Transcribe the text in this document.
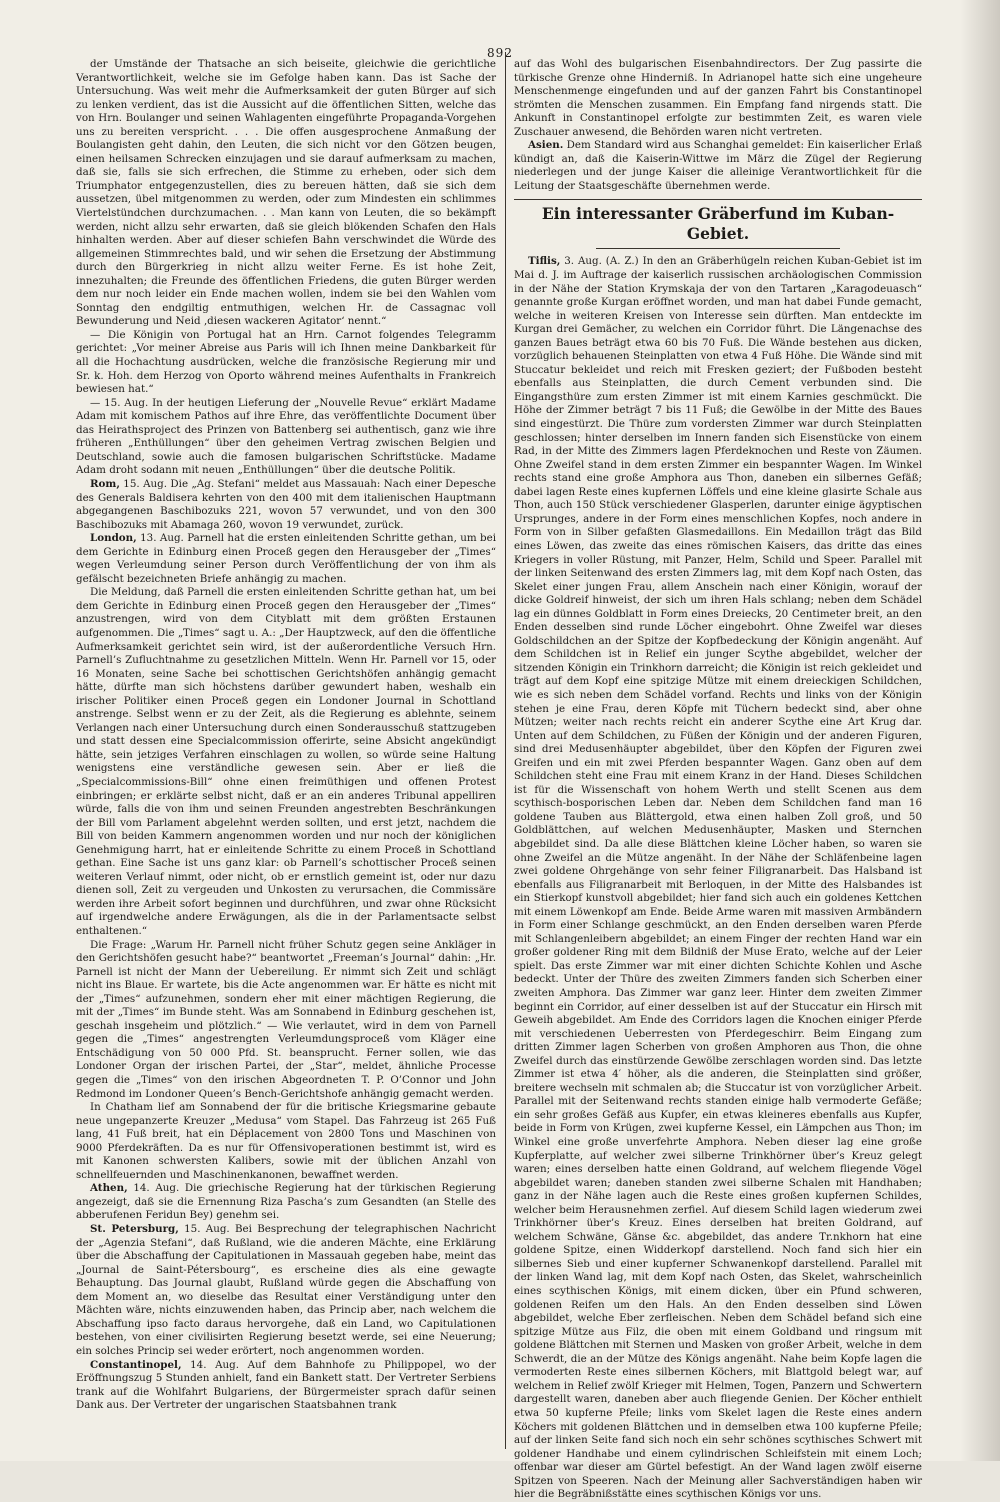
892

der Umstände der Thatsache an sich beiseite, gleichwie die gerichtliche Verantwortlichkeit, welche sie im Gefolge haben kann. Das ist Sache der Untersuchung. Was weit mehr die Aufmerksamkeit der guten Bürger auf sich zu lenken verdient, das ist die Aussicht auf die öffentlichen Sitten, welche das von Hrn. Boulanger und seinen Wahlagenten eingeführte Propaganda-Vorgehen uns zu bereiten verspricht. . . . Die offen ausgesprochene Anmaßung der Boulangisten geht dahin, den Leuten, die sich nicht vor den Götzen beugen, einen heilsamen Schrecken einzujagen und sie darauf aufmerksam zu machen, daß sie, falls sie sich erfrechen, die Stimme zu erheben, oder sich dem Triumphator entgegenzustellen, dies zu bereuen hätten, daß sie sich dem aussetzen, übel mitgenommen zu werden, oder zum Mindesten ein schlimmes Viertelstündchen durchzumachen. . . Man kann von Leuten, die so bekämpft werden, nicht allzu sehr erwarten, daß sie gleich blökenden Schafen den Hals hinhalten werden. Aber auf dieser schiefen Bahn verschwindet die Würde des allgemeinen Stimmrechtes bald, und wir sehen die Ersetzung der Abstimmung durch den Bürgerkrieg in nicht allzu weiter Ferne. Es ist hohe Zeit, innezuhalten; die Freunde des öffentlichen Friedens, die guten Bürger werden dem nur noch leider ein Ende machen wollen, indem sie bei den Wahlen vom Sonntag den endgiltig entmuthigen, welchen Hr. de Cassagnac voll Bewunderung und Neid ‚diesen wackeren Agitator‘ nennt.“

— Die Königin von Portugal hat an Hrn. Carnot folgendes Telegramm gerichtet: „Vor meiner Abreise aus Paris will ich Ihnen meine Dankbarkeit für all die Hochachtung ausdrücken, welche die französische Regierung mir und Sr. k. Hoh. dem Herzog von Oporto während meines Aufenthalts in Frankreich bewiesen hat.“

— 15. Aug. In der heutigen Lieferung der „Nouvelle Revue“ erklärt Madame Adam mit komischem Pathos auf ihre Ehre, das veröffentlichte Document über das Heirathsproject des Prinzen von Battenberg sei authentisch, ganz wie ihre früheren „Enthüllungen“ über den geheimen Vertrag zwischen Belgien und Deutschland, sowie auch die famosen bulgarischen Schriftstücke. Madame Adam droht sodann mit neuen „Enthüllungen“ über die deutsche Politik.

Rom, 15. Aug. Die „Ag. Stefani“ meldet aus Massauah: Nach einer Depesche des Generals Baldisera kehrten von den 400 mit dem italienischen Hauptmann abgegangenen Baschibozuks 221, wovon 57 verwundet, und von den 300 Baschibozuks mit Abamaga 260, wovon 19 verwundet, zurück.

London, 13. Aug. Parnell hat die ersten einleitenden Schritte gethan, um bei dem Gerichte in Edinburg einen Proceß gegen den Herausgeber der „Times“ wegen Verleumdung seiner Person durch Veröffentlichung der von ihm als gefälscht bezeichneten Briefe anhängig zu machen.

Die Meldung, daß Parnell die ersten einleitenden Schritte gethan hat, um bei dem Gerichte in Edinburg einen Proceß gegen den Herausgeber der „Times“ anzustrengen, wird von dem Cityblatt mit dem größten Erstaunen aufgenommen. Die „Times“ sagt u. A.: „Der Hauptzweck, auf den die öffentliche Aufmerksamkeit gerichtet sein wird, ist der außerordentliche Versuch Hrn. Parnell’s Zufluchtnahme zu gesetzlichen Mitteln. Wenn Hr. Parnell vor 15, oder 16 Monaten, seine Sache bei schottischen Gerichtshöfen anhängig gemacht hätte, dürfte man sich höchstens darüber gewundert haben, weshalb ein irischer Politiker einen Proceß gegen ein Londoner Journal in Schottland anstrenge. Selbst wenn er zu der Zeit, als die Regierung es ablehnte, seinem Verlangen nach einer Untersuchung durch einen Sonderausschuß stattzugeben und statt dessen eine Specialcommission offerirte, seine Absicht angekündigt hätte, sein jetziges Verfahren einschlagen zu wollen, so würde seine Haltung wenigstens eine verständliche gewesen sein. Aber er ließ die „Specialcommissions-Bill“ ohne einen freimüthigen und offenen Protest einbringen; er erklärte selbst nicht, daß er an ein anderes Tribunal appelliren würde, falls die von ihm und seinen Freunden angestrebten Beschränkungen der Bill vom Parlament abgelehnt werden sollten, und erst jetzt, nachdem die Bill von beiden Kammern angenommen worden und nur noch der königlichen Genehmigung harrt, hat er einleitende Schritte zu einem Proceß in Schottland gethan. Eine Sache ist uns ganz klar: ob Parnell’s schottischer Proceß seinen weiteren Verlauf nimmt, oder nicht, ob er ernstlich gemeint ist, oder nur dazu dienen soll, Zeit zu vergeuden und Unkosten zu verursachen, die Commissäre werden ihre Arbeit sofort beginnen und durchführen, und zwar ohne Rücksicht auf irgendwelche andere Erwägungen, als die in der Parlamentsacte selbst enthaltenen.“

Die Frage: „Warum Hr. Parnell nicht früher Schutz gegen seine Ankläger in den Gerichtshöfen gesucht habe?“ beantwortet „Freeman’s Journal“ dahin: „Hr. Parnell ist nicht der Mann der Uebereilung. Er nimmt sich Zeit und schlägt nicht ins Blaue. Er wartete, bis die Acte angenommen war. Er hätte es nicht mit der „Times“ aufzunehmen, sondern eher mit einer mächtigen Regierung, die mit der „Times“ im Bunde steht. Was am Sonnabend in Edinburg geschehen ist, geschah insgeheim und plötzlich.“ — Wie verlautet, wird in dem von Parnell gegen die „Times“ angestrengten Verleumdungsproceß vom Kläger eine Entschädigung von 50 000 Pfd. St. beansprucht. Ferner sollen, wie das Londoner Organ der irischen Partei, der „Star“, meldet, ähnliche Processe gegen die „Times“ von den irischen Abgeordneten T. P. O’Connor und John Redmond im Londoner Queen’s Bench-Gerichtshofe anhängig gemacht werden.

In Chatham lief am Sonnabend der für die britische Kriegsmarine gebaute neue ungepanzerte Kreuzer „Medusa“ vom Stapel. Das Fahrzeug ist 265 Fuß lang, 41 Fuß breit, hat ein Déplacement von 2800 Tons und Maschinen von 9000 Pferdekräften. Da es nur für Offensivoperationen bestimmt ist, wird es mit Kanonen schwersten Kalibers, sowie mit der üblichen Anzahl von schnellfeuernden und Maschinenkanonen, bewaffnet werden.

Athen, 14. Aug. Die griechische Regierung hat der türkischen Regierung angezeigt, daß sie die Ernennung Riza Pascha’s zum Gesandten (an Stelle des abberufenen Feridun Bey) genehm sei.

St. Petersburg, 15. Aug. Bei Besprechung der telegraphischen Nachricht der „Agenzia Stefani“, daß Rußland, wie die anderen Mächte, eine Erklärung über die Abschaffung der Capitulationen in Massauah gegeben habe, meint das „Journal de Saint-Pétersbourg“, es erscheine dies als eine gewagte Behauptung. Das Journal glaubt, Rußland würde gegen die Abschaffung von dem Moment an, wo dieselbe das Resultat einer Verständigung unter den Mächten wäre, nichts einzuwenden haben, das Princip aber, nach welchem die Abschaffung ipso facto daraus hervorgehe, daß ein Land, wo Capitulationen bestehen, von einer civilisirten Regierung besetzt werde, sei eine Neuerung; ein solches Princip sei weder erörtert, noch angenommen worden.

Constantinopel, 14. Aug. Auf dem Bahnhofe zu Philippopel, wo der Eröffnungszug 5 Stunden anhielt, fand ein Bankett statt. Der Vertreter Serbiens trank auf die Wohlfahrt Bulgariens, der Bürgermeister sprach dafür seinen Dank aus. Der Vertreter der ungarischen Staatsbahnen trank

auf das Wohl des bulgarischen Eisenbahndirectors. Der Zug passirte die türkische Grenze ohne Hinderniß. In Adrianopel hatte sich eine ungeheure Menschenmenge eingefunden und auf der ganzen Fahrt bis Constantinopel strömten die Menschen zusammen. Ein Empfang fand nirgends statt. Die Ankunft in Constantinopel erfolgte zur bestimmten Zeit, es waren viele Zuschauer anwesend, die Behörden waren nicht vertreten.

Asien. Dem Standard wird aus Schanghai gemeldet: Ein kaiserlicher Erlaß kündigt an, daß die Kaiserin-Wittwe im März die Zügel der Regierung niederlegen und der junge Kaiser die alleinige Verantwortlichkeit für die Leitung der Staatsgeschäfte übernehmen werde.

Ein interessanter Gräberfund im Kuban-Gebiet.

Tiflis, 3. Aug. (A. Z.) In den an Gräberhügeln reichen Kuban-Gebiet ist im Mai d. J. im Auftrage der kaiserlich russischen archäologischen Commission in der Nähe der Station Krymskaja der von den Tartaren „Karagodeuasch“ genannte große Kurgan eröffnet worden, und man hat dabei Funde gemacht, welche in weiteren Kreisen von Interesse sein dürften. Man entdeckte im Kurgan drei Gemächer, zu welchen ein Corridor führt. Die Längenachse des ganzen Baues beträgt etwa 60 bis 70 Fuß. Die Wände bestehen aus dicken, vorzüglich behauenen Steinplatten von etwa 4 Fuß Höhe. Die Wände sind mit Stuccatur bekleidet und reich mit Fresken geziert; der Fußboden besteht ebenfalls aus Steinplatten, die durch Cement verbunden sind. Die Eingangsthüre zum ersten Zimmer ist mit einem Karnies geschmückt. Die Höhe der Zimmer beträgt 7 bis 11 Fuß; die Gewölbe in der Mitte des Baues sind eingestürzt. Die Thüre zum vordersten Zimmer war durch Steinplatten geschlossen; hinter derselben im Innern fanden sich Eisenstücke von einem Rad, in der Mitte des Zimmers lagen Pferdeknochen und Reste von Zäumen. Ohne Zweifel stand in dem ersten Zimmer ein bespannter Wagen. Im Winkel rechts stand eine große Amphora aus Thon, daneben ein silbernes Gefäß; dabei lagen Reste eines kupfernen Löffels und eine kleine glasirte Schale aus Thon, auch 150 Stück verschiedener Glasperlen, darunter einige ägyptischen Ursprunges, andere in der Form eines menschlichen Kopfes, noch andere in Form von in Silber gefaßten Glasmedaillons. Ein Medaillon trägt das Bild eines Löwen, das zweite das eines römischen Kaisers, das dritte das eines Kriegers in voller Rüstung, mit Panzer, Helm, Schild und Speer. Parallel mit der linken Seitenwand des ersten Zimmers lag, mit dem Kopf nach Osten, das Skelet einer jungen Frau, allem Anschein nach einer Königin, worauf der dicke Goldreif hinweist, der sich um ihren Hals schlang; neben dem Schädel lag ein dünnes Goldblatt in Form eines Dreiecks, 20 Centimeter breit, an den Enden desselben sind runde Löcher eingebohrt. Ohne Zweifel war dieses Goldschildchen an der Spitze der Kopfbedeckung der Königin angenäht. Auf dem Schildchen ist in Relief ein junger Scythe abgebildet, welcher der sitzenden Königin ein Trinkhorn darreicht; die Königin ist reich gekleidet und trägt auf dem Kopf eine spitzige Mütze mit einem dreieckigen Schildchen, wie es sich neben dem Schädel vorfand. Rechts und links von der Königin stehen je eine Frau, deren Köpfe mit Tüchern bedeckt sind, aber ohne Mützen; weiter nach rechts reicht ein anderer Scythe eine Art Krug dar. Unten auf dem Schildchen, zu Füßen der Königin und der anderen Figuren, sind drei Medusenhäupter abgebildet, über den Köpfen der Figuren zwei Greifen und ein mit zwei Pferden bespannter Wagen. Ganz oben auf dem Schildchen steht eine Frau mit einem Kranz in der Hand. Dieses Schildchen ist für die Wissenschaft von hohem Werth und stellt Scenen aus dem scythisch-bosporischen Leben dar. Neben dem Schildchen fand man 16 goldene Tauben aus Blättergold, etwa einen halben Zoll groß, und 50 Goldblättchen, auf welchen Medusenhäupter, Masken und Sternchen abgebildet sind. Da alle diese Blättchen kleine Löcher haben, so waren sie ohne Zweifel an die Mütze angenäht. In der Nähe der Schläfenbeine lagen zwei goldene Ohrgehänge von sehr feiner Filigranarbeit. Das Halsband ist ebenfalls aus Filigranarbeit mit Berloquen, in der Mitte des Halsbandes ist ein Stierkopf kunstvoll abgebildet; hier fand sich auch ein goldenes Kettchen mit einem Löwenkopf am Ende. Beide Arme waren mit massiven Armbändern in Form einer Schlange geschmückt, an den Enden derselben waren Pferde mit Schlangenleibern abgebildet; an einem Finger der rechten Hand war ein großer goldener Ring mit dem Bildniß der Muse Erato, welche auf der Leier spielt. Das erste Zimmer war mit einer dichten Schichte Kohlen und Asche bedeckt. Unter der Thüre des zweiten Zimmers fanden sich Scherben einer zweiten Amphora. Das Zimmer war ganz leer. Hinter dem zweiten Zimmer beginnt ein Corridor, auf einer desselben ist auf der Stuccatur ein Hirsch mit Geweih abgebildet. Am Ende des Corridors lagen die Knochen einiger Pferde mit verschiedenen Ueberresten von Pferdegeschirr. Beim Eingang zum dritten Zimmer lagen Scherben von großen Amphoren aus Thon, die ohne Zweifel durch das einstürzende Gewölbe zerschlagen worden sind. Das letzte Zimmer ist etwa 4′ höher, als die anderen, die Steinplatten sind größer, breitere wechseln mit schmalen ab; die Stuccatur ist von vorzüglicher Arbeit. Parallel mit der Seitenwand rechts standen einige halb vermoderte Gefäße; ein sehr großes Gefäß aus Kupfer, ein etwas kleineres ebenfalls aus Kupfer, beide in Form von Krügen, zwei kupferne Kessel, ein Lämpchen aus Thon; im Winkel eine große unverfehrte Amphora. Neben dieser lag eine große Kupferplatte, auf welcher zwei silberne Trinkhörner über’s Kreuz gelegt waren; eines derselben hatte einen Goldrand, auf welchem fliegende Vögel abgebildet waren; daneben standen zwei silberne Schalen mit Handhaben; ganz in der Nähe lagen auch die Reste eines großen kupfernen Schildes, welcher beim Herausnehmen zerfiel. Auf diesem Schild lagen wiederum zwei Trinkhörner über’s Kreuz. Eines derselben hat breiten Goldrand, auf welchem Schwäne, Gänse &c. abgebildet, das andere Tr.nkhorn hat eine goldene Spitze, einen Widderkopf darstellend. Noch fand sich hier ein silbernes Sieb und einer kupferner Schwanenkopf darstellend. Parallel mit der linken Wand lag, mit dem Kopf nach Osten, das Skelet, wahrscheinlich eines scythischen Königs, mit einem dicken, über ein Pfund schweren, goldenen Reifen um den Hals. An den Enden desselben sind Löwen abgebildet, welche Eber zerfleischen. Neben dem Schädel befand sich eine spitzige Mütze aus Filz, die oben mit einem Goldband und ringsum mit goldene Blättchen mit Sternen und Masken von großer Arbeit, welche in dem Schwerdt, die an der Mütze des Königs angenäht. Nahe beim Kopfe lagen die vermoderten Reste eines silbernen Köchers, mit Blattgold belegt war, auf welchem in Relief zwölf Krieger mit Helmen, Togen, Panzern und Schwertern dargestellt waren, daneben aber auch fliegende Genien. Der Köcher enthielt etwa 50 kupferne Pfeile; links vom Skelet lagen die Reste eines andern Köchers mit goldenen Blättchen und in demselben etwa 100 kupferne Pfeile; auf der linken Seite fand sich noch ein sehr schönes scythisches Schwert mit goldener Handhabe und einem cylindrischen Schleifstein mit einem Loch; offenbar war dieser am Gürtel befestigt. An der Wand lagen zwölf eiserne Spitzen von Speeren. Nach der Meinung aller Sachverständigen haben wir hier die Begräbnißstätte eines scythischen Königs vor uns.
